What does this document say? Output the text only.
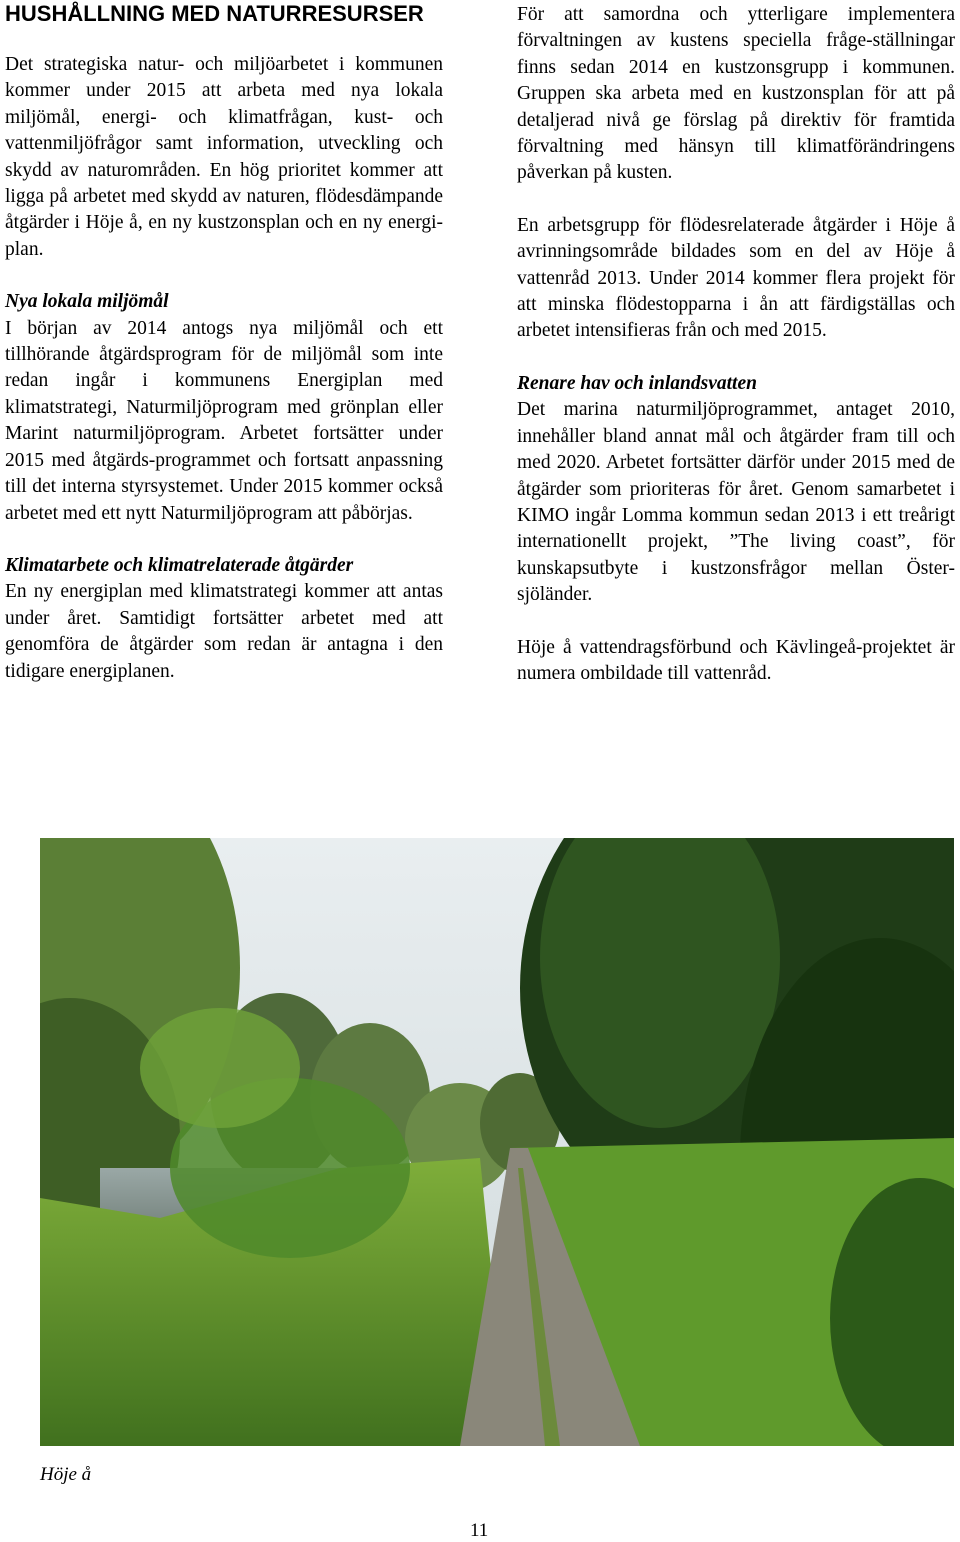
HUSHÅLLNING MED NATURRESURSER

Det strategiska natur- och miljöarbetet i kommunen kommer under 2015 att arbeta med nya lokala miljömål, energi- och klimatfrågan, kust- och vattenmiljöfrågor samt information, utveckling och skydd av naturområden. En hög prioritet kommer att ligga på arbetet med skydd av naturen, flödesdämpande åtgärder i Höje å, en ny kustzonsplan och en ny energi-plan.

Nya lokala miljömål
I början av 2014 antogs nya miljömål och ett tillhörande åtgärdsprogram för de miljömål som inte redan ingår i kommunens Energiplan med klimatstrategi, Naturmiljöprogram med grönplan eller Marint naturmiljöprogram. Arbetet fortsätter under 2015 med åtgärds-programmet och fortsatt anpassning till det interna styrsystemet. Under 2015 kommer också arbetet med ett nytt Naturmiljöprogram att påbörjas.

Klimatarbete och klimatrelaterade åtgärder
En ny energiplan med klimatstrategi kommer att antas under året. Samtidigt fortsätter arbetet med att genomföra de åtgärder som redan är antagna i den tidigare energiplanen.

För att samordna och ytterligare implementera förvaltningen av kustens speciella fråge-ställningar finns sedan 2014 en kustzonsgrupp i kommunen. Gruppen ska arbeta med en kustzonsplan för att på detaljerad nivå ge förslag på direktiv för framtida förvaltning med hänsyn till klimatförändringens påverkan på kusten.

En arbetsgrupp för flödesrelaterade åtgärder i Höje å avrinningsområde bildades som en del av Höje å vattenråd 2013. Under 2014 kommer flera projekt för att minska flödestopparna i ån att färdigställas och arbetet intensifieras från och med 2015.

Renare hav och inlandsvatten
Det marina naturmiljöprogrammet, antaget 2010, innehåller bland annat mål och åtgärder fram till och med 2020. Arbetet fortsätter därför under 2015 med de åtgärder som prioriteras för året. Genom samarbetet i KIMO ingår Lomma kommun sedan 2013 i ett treårigt internationellt projekt, ”The living coast”, för kunskapsutbyte i kustzonsfrågor mellan Öster-sjöländer.

Höje å vattendragsförbund och Kävlingeå-projektet är numera ombildade till vattenråd.

Höje å
11
